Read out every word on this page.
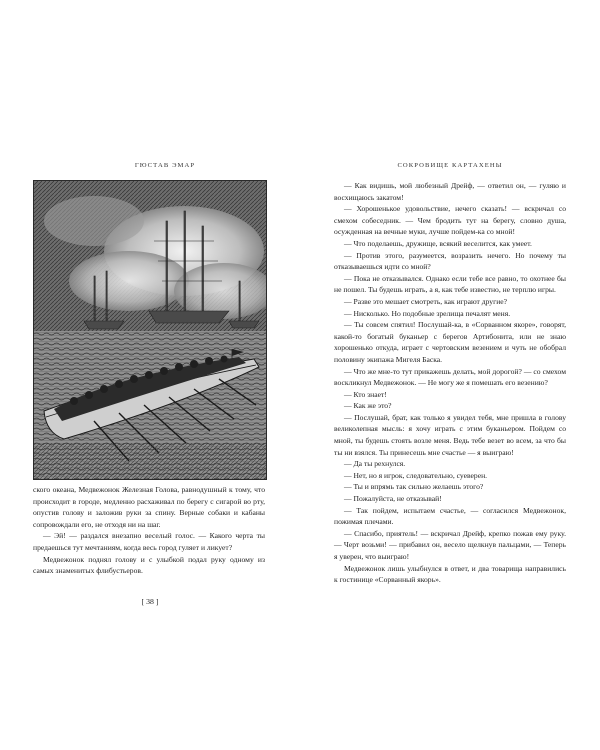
ГЮСТАВ ЭМАР

ского океана, Медвежонок Железная Голова, равнодушный к тому, что происходит в городе, медленно расхаживал по берегу с сигарой во рту, опустив голову и заложив руки за спину. Верные собаки и кабаны сопровождали его, не отходя ни на шаг.

— Эй! — раздался внезапно веселый голос. — Какого черта ты предаешься тут мечтаниям, когда весь город гуляет и ликует?

Медвежонок поднял голову и с улыбкой подал руку одному из самых знаменитых флибустьеров.

[ 38 ]
СОКРОВИЩЕ КАРТАХЕНЫ

— Как видишь, мой любезный Дрейф, — ответил он, — гуляю и восхищаюсь закатом!

— Хорошенькое удовольствие, нечего сказать! — вскричал со смехом собеседник. — Чем бродить тут на берегу, словно душа, осужденная на вечные муки, лучше пойдем-ка со мной!

— Что поделаешь, дружище, всякий веселится, как умеет.

— Против этого, разумеется, возразить нечего. Но почему ты отказываешься идти со мной?

— Пока не отказывался. Однако если тебе все равно, то охотнее бы не пошел. Ты будешь играть, а я, как тебе известно, не терплю игры.

— Разве это мешает смотреть, как играют другие?

— Нисколько. Но подобные зрелища печалят меня.

— Ты совсем спятил! Послушай-ка, в «Сорванном якоре», говорят, какой-то богатый буканьер с берегов Артибонита, или не знаю хорошенько откуда, играет с чертовским везением и чуть не обобрал половину экипажа Мигеля Баска.

— Что же мне-то тут прикажешь делать, мой дорогой? — со смехом воскликнул Медвежонок. — Не могу же я помешать его везению?

— Кто знает!

— Как же это?

— Послушай, брат, как только я увидел тебя, мне пришла в голову великолепная мысль: я хочу играть с этим буканьером. Пойдем со мной, ты будешь стоять возле меня. Ведь тебе везет во всем, за что бы ты ни взялся. Ты принесешь мне счастье — я выиграю!

— Да ты рехнулся.

— Нет, но я игрок, следовательно, суеверен.

— Ты и впрямь так сильно желаешь этого?

— Пожалуйста, не отказывай!

— Так пойдем, испытаем счастье, — согласился Медвежонок, пожимая плечами.

— Спасибо, приятель! — вскричал Дрейф, крепко пожав ему руку. — Черт возьми! — прибавил он, весело щелкнув пальцами, — Теперь я уверен, что выиграю!

Медвежонок лишь улыбнулся в ответ, и два товарища направились к гостинице «Сорванный якорь».
